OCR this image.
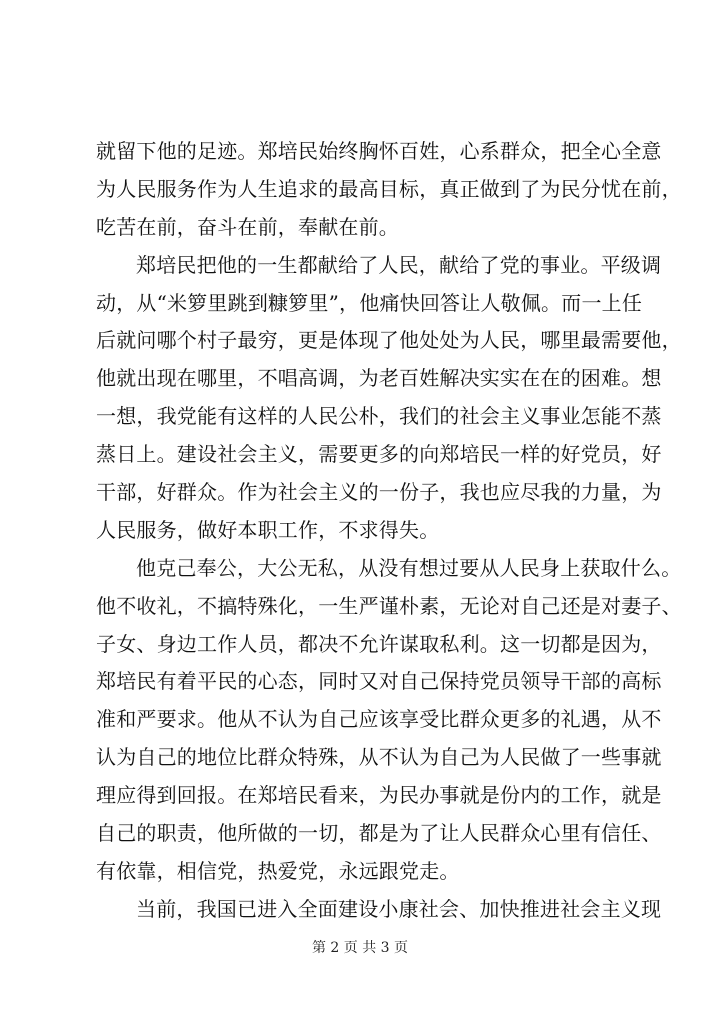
就留下他的足迹。郑培民始终胸怀百姓，心系群众，把全心全意
为人民服务作为人生追求的最高目标，真正做到了为民分忧在前，
吃苦在前，奋斗在前，奉献在前。
郑培民把他的一生都献给了人民，献给了党的事业。平级调
动，从“米箩里跳到糠箩里”，他痛快回答让人敬佩。而一上任
后就问哪个村子最穷，更是体现了他处处为人民，哪里最需要他，
他就出现在哪里，不唱高调，为老百姓解决实实在在的困难。想
一想，我党能有这样的人民公朴，我们的社会主义事业怎能不蒸
蒸日上。建设社会主义，需要更多的向郑培民一样的好党员，好
干部，好群众。作为社会主义的一份子，我也应尽我的力量，为
人民服务，做好本职工作，不求得失。
他克己奉公，大公无私，从没有想过要从人民身上获取什么。
他不收礼，不搞特殊化，一生严谨朴素，无论对自己还是对妻子、
子女、身边工作人员，都决不允许谋取私利。这一切都是因为，
郑培民有着平民的心态，同时又对自己保持党员领导干部的高标
准和严要求。他从不认为自己应该享受比群众更多的礼遇，从不
认为自己的地位比群众特殊，从不认为自己为人民做了一些事就
理应得到回报。在郑培民看来，为民办事就是份内的工作，就是
自己的职责，他所做的一切，都是为了让人民群众心里有信任、
有依靠，相信党，热爱党，永远跟党走。
当前，我国已进入全面建设小康社会、加快推进社会主义现
第 2 页 共 3 页
